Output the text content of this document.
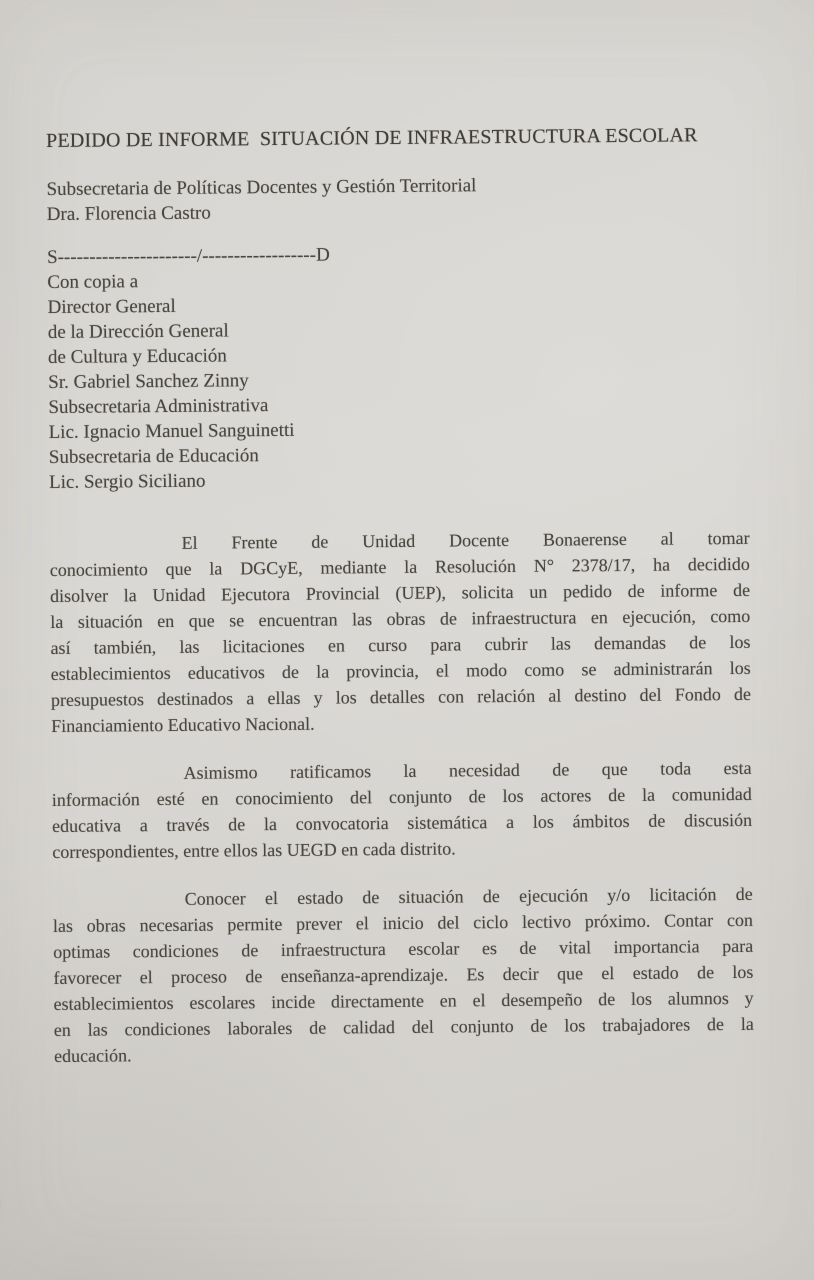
PEDIDO DE INFORME  SITUACIÓN DE INFRAESTRUCTURA ESCOLAR
Subsecretaria de Políticas Docentes y Gestión Territorial
Dra. Florencia Castro
S----------------------/------------------D
Con copia a
Director General
de la Dirección General
de Cultura y Educación
Sr. Gabriel Sanchez Zinny
Subsecretaria Administrativa
Lic. Ignacio Manuel Sanguinetti
Subsecretaria de Educación
Lic. Sergio Siciliano
El Frente de Unidad Docente Bonaerense al tomar
conocimiento que la DGCyE, mediante la Resolución N° 2378/17, ha decidido
disolver la Unidad Ejecutora Provincial (UEP), solicita un pedido de informe de
la situación en que se encuentran las obras de infraestructura en ejecución, como
así también, las licitaciones en curso para cubrir las demandas de los
establecimientos educativos de la provincia, el modo como se administrarán los
presupuestos destinados a ellas y los detalles con relación al destino del Fondo de
Financiamiento Educativo Nacional.
Asimismo ratificamos la necesidad de que toda esta
información esté en conocimiento del conjunto de los actores de la comunidad
educativa a través de la convocatoria sistemática a los ámbitos de discusión
correspondientes, entre ellos las UEGD en cada distrito.
Conocer el estado de situación de ejecución y/o licitación de
las obras necesarias permite prever el inicio del ciclo lectivo próximo. Contar con
optimas condiciones de infraestructura escolar es de vital importancia para
favorecer el proceso de enseñanza-aprendizaje. Es decir que el estado de los
establecimientos escolares incide directamente en el desempeño de los alumnos y
en las condiciones laborales de calidad del conjunto de los trabajadores de la
educación.
